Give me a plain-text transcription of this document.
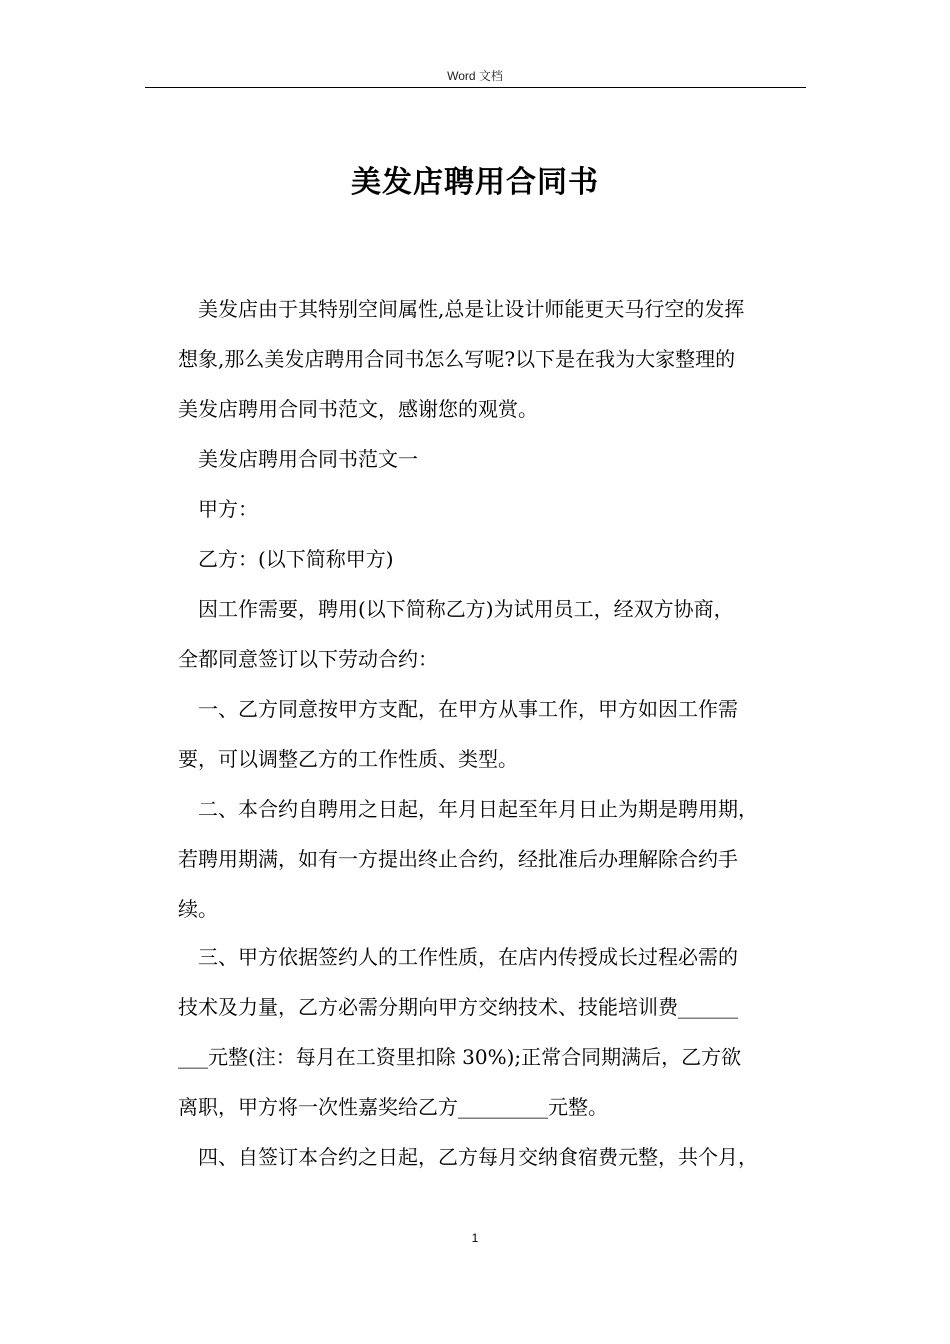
Word 文档
美发店聘用合同书
美发店由于其特别空间属性,总是让设计师能更天马行空的发挥
想象,那么美发店聘用合同书怎么写呢?以下是在我为大家整理的
美发店聘用合同书范文，感谢您的观赏。
美发店聘用合同书范文一
甲方：
乙方：(以下简称甲方)
因工作需要，聘用(以下简称乙方)为试用员工，经双方协商，
全都同意签订以下劳动合约：
一、乙方同意按甲方支配，在甲方从事工作，甲方如因工作需
要，可以调整乙方的工作性质、类型。
二、本合约自聘用之日起，年月日起至年月日止为期是聘用期，
若聘用期满，如有一方提出终止合约，经批准后办理解除合约手
续。
三、甲方依据签约人的工作性质，在店内传授成长过程必需的
技术及力量，乙方必需分期向甲方交纳技术、技能培训费______
___元整(注：每月在工资里扣除 30%);正常合同期满后，乙方欲
离职，甲方将一次性嘉奖给乙方_________元整。
四、自签订本合约之日起，乙方每月交纳食宿费元整，共个月，
1
